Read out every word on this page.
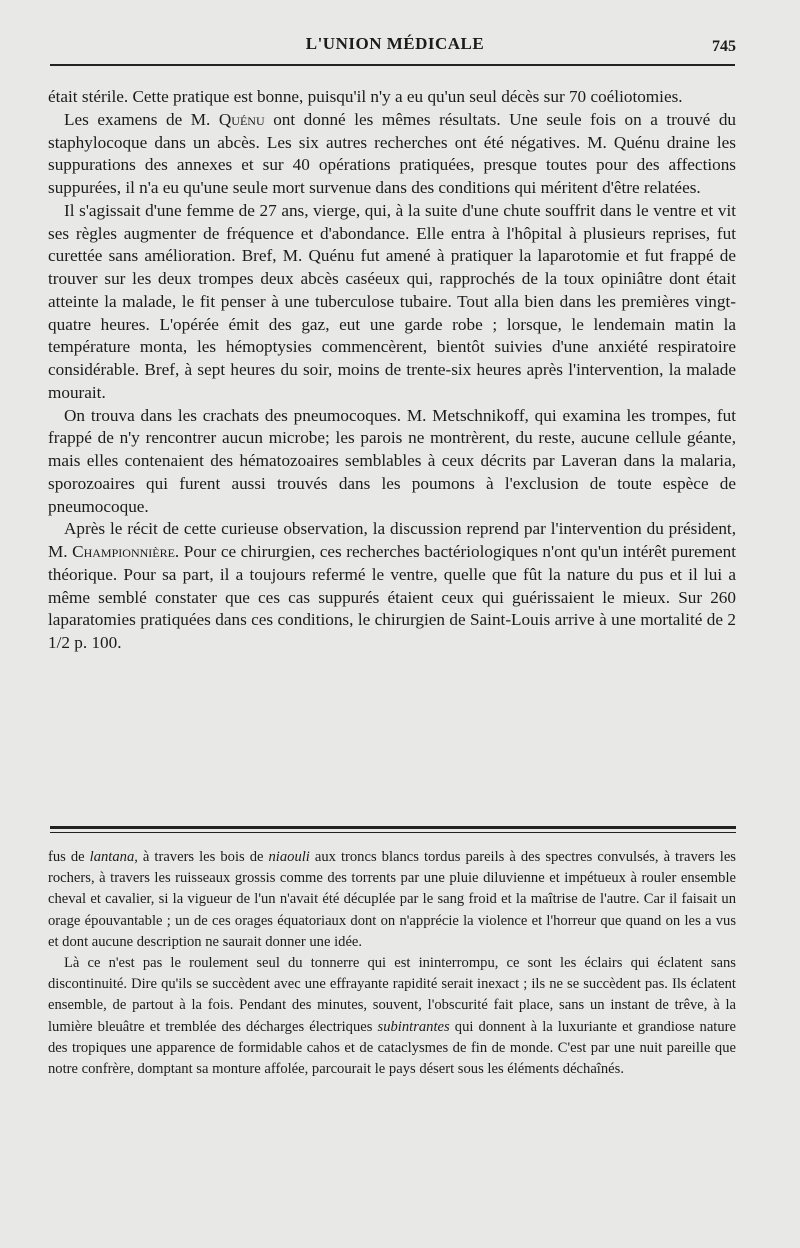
L'UNION MÉDICALE	745

était stérile. Cette pratique est bonne, puisqu'il n'y a eu qu'un seul décès sur 70 coéliotomies.

Les examens de M. Quénu ont donné les mêmes résultats. Une seule fois on a trouvé du staphylocoque dans un abcès. Les six autres recherches ont été négatives. M. Quénu draine les suppurations des annexes et sur 40 opérations pratiquées, presque toutes pour des affections suppurées, il n'a eu qu'une seule mort survenue dans des conditions qui méritent d'être relatées.

Il s'agissait d'une femme de 27 ans, vierge, qui, à la suite d'une chute souffrit dans le ventre et vit ses règles augmenter de fréquence et d'abondance. Elle entra à l'hôpital à plusieurs reprises, fut curettée sans amélioration. Bref, M. Quénu fut amené à pratiquer la laparotomie et fut frappé de trouver sur les deux trompes deux abcès caséeux qui, rapprochés de la toux opiniâtre dont était atteinte la malade, le fit penser à une tuberculose tubaire. Tout alla bien dans les premières vingt-quatre heures. L'opérée émit des gaz, eut une garde robe ; lorsque, le lendemain matin la température monta, les hémoptysies commencèrent, bientôt suivies d'une anxiété respiratoire considérable. Bref, à sept heures du soir, moins de trente-six heures après l'intervention, la malade mourait.

On trouva dans les crachats des pneumocoques. M. Metschnikoff, qui examina les trompes, fut frappé de n'y rencontrer aucun microbe; les parois ne montrèrent, du reste, aucune cellule géante, mais elles contenaient des hématozoaires semblables à ceux décrits par Laveran dans la malaria, sporozoaires qui furent aussi trouvés dans les poumons à l'exclusion de toute espèce de pneumocoque.

Après le récit de cette curieuse observation, la discussion reprend par l'intervention du président, M. Championnière. Pour ce chirurgien, ces recherches bactériologiques n'ont qu'un intérêt purement théorique. Pour sa part, il a toujours refermé le ventre, quelle que fût la nature du pus et il lui a même semblé constater que ces cas suppurés étaient ceux qui guérissaient le mieux. Sur 260 laparatomies pratiquées dans ces conditions, le chirurgien de Saint-Louis arrive à une mortalité de 2 1/2 p. 100.

fus de lantana, à travers les bois de niaouli aux troncs blancs tordus pareils à des spectres convulsés, à travers les rochers, à travers les ruisseaux grossis comme des torrents par une pluie diluvienne et impétueux à rouler ensemble cheval et cavalier, si la vigueur de l'un n'avait été décuplée par le sang froid et la maîtrise de l'autre. Car il faisait un orage épouvantable ; un de ces orages équatoriaux dont on n'apprécie la violence et l'horreur que quand on les a vus et dont aucune description ne saurait donner une idée.

Là ce n'est pas le roulement seul du tonnerre qui est ininterrompu, ce sont les éclairs qui éclatent sans discontinuité. Dire qu'ils se succèdent avec une effrayante rapidité serait inexact ; ils ne se succèdent pas. Ils éclatent ensemble, de partout à la fois. Pendant des minutes, souvent, l'obscurité fait place, sans un instant de trêve, à la lumière bleuâtre et tremblée des décharges électriques subintrantes qui donnent à la luxuriante et grandiose nature des tropiques une apparence de formidable cahos et de cataclysmes de fin de monde. C'est par une nuit pareille que notre confrère, domptant sa monture affolée, parcourait le pays désert sous les éléments déchaînés.
